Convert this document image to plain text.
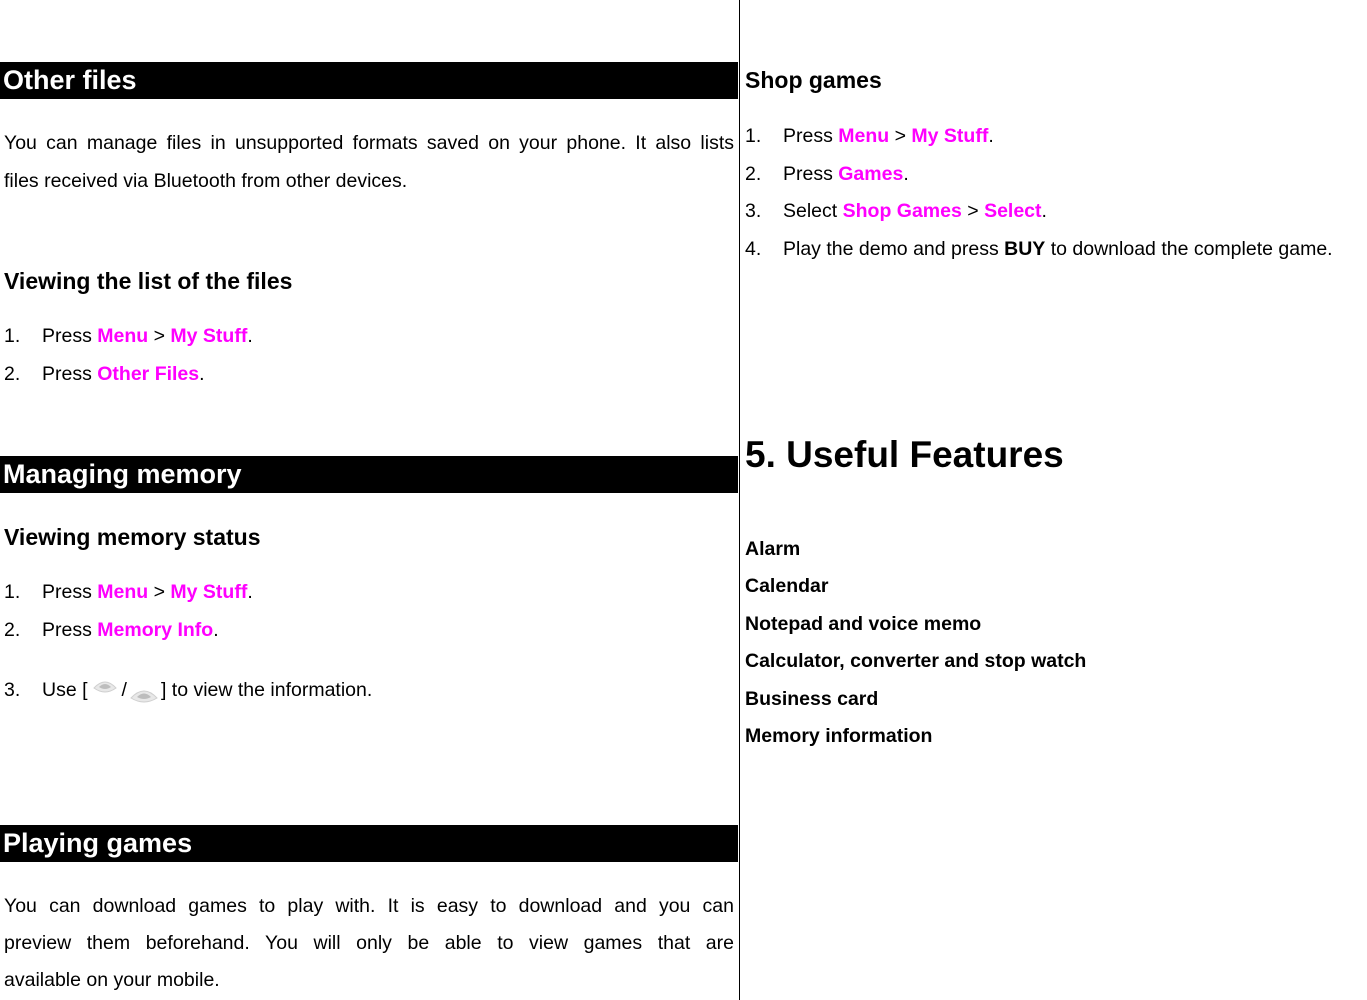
Other files
You can manage files in unsupported formats saved on your phone. It also lists
files received via Bluetooth from other devices.
Viewing the list of the files
1. Press Menu > My Stuff.
2. Press Other Files.
Managing memory
Viewing memory status
1. Press Menu > My Stuff.
2. Press Memory Info.
3. Use [ / ] to view the information.
Playing games
You can download games to play with. It is easy to download and you can
preview them beforehand. You will only be able to view games that are
available on your mobile.
Shop games
1. Press Menu > My Stuff.
2. Press Games.
3. Select Shop Games > Select.
4. Play the demo and press BUY to download the complete game.
5. Useful Features
Alarm
Calendar
Notepad and voice memo
Calculator, converter and stop watch
Business card
Memory information
